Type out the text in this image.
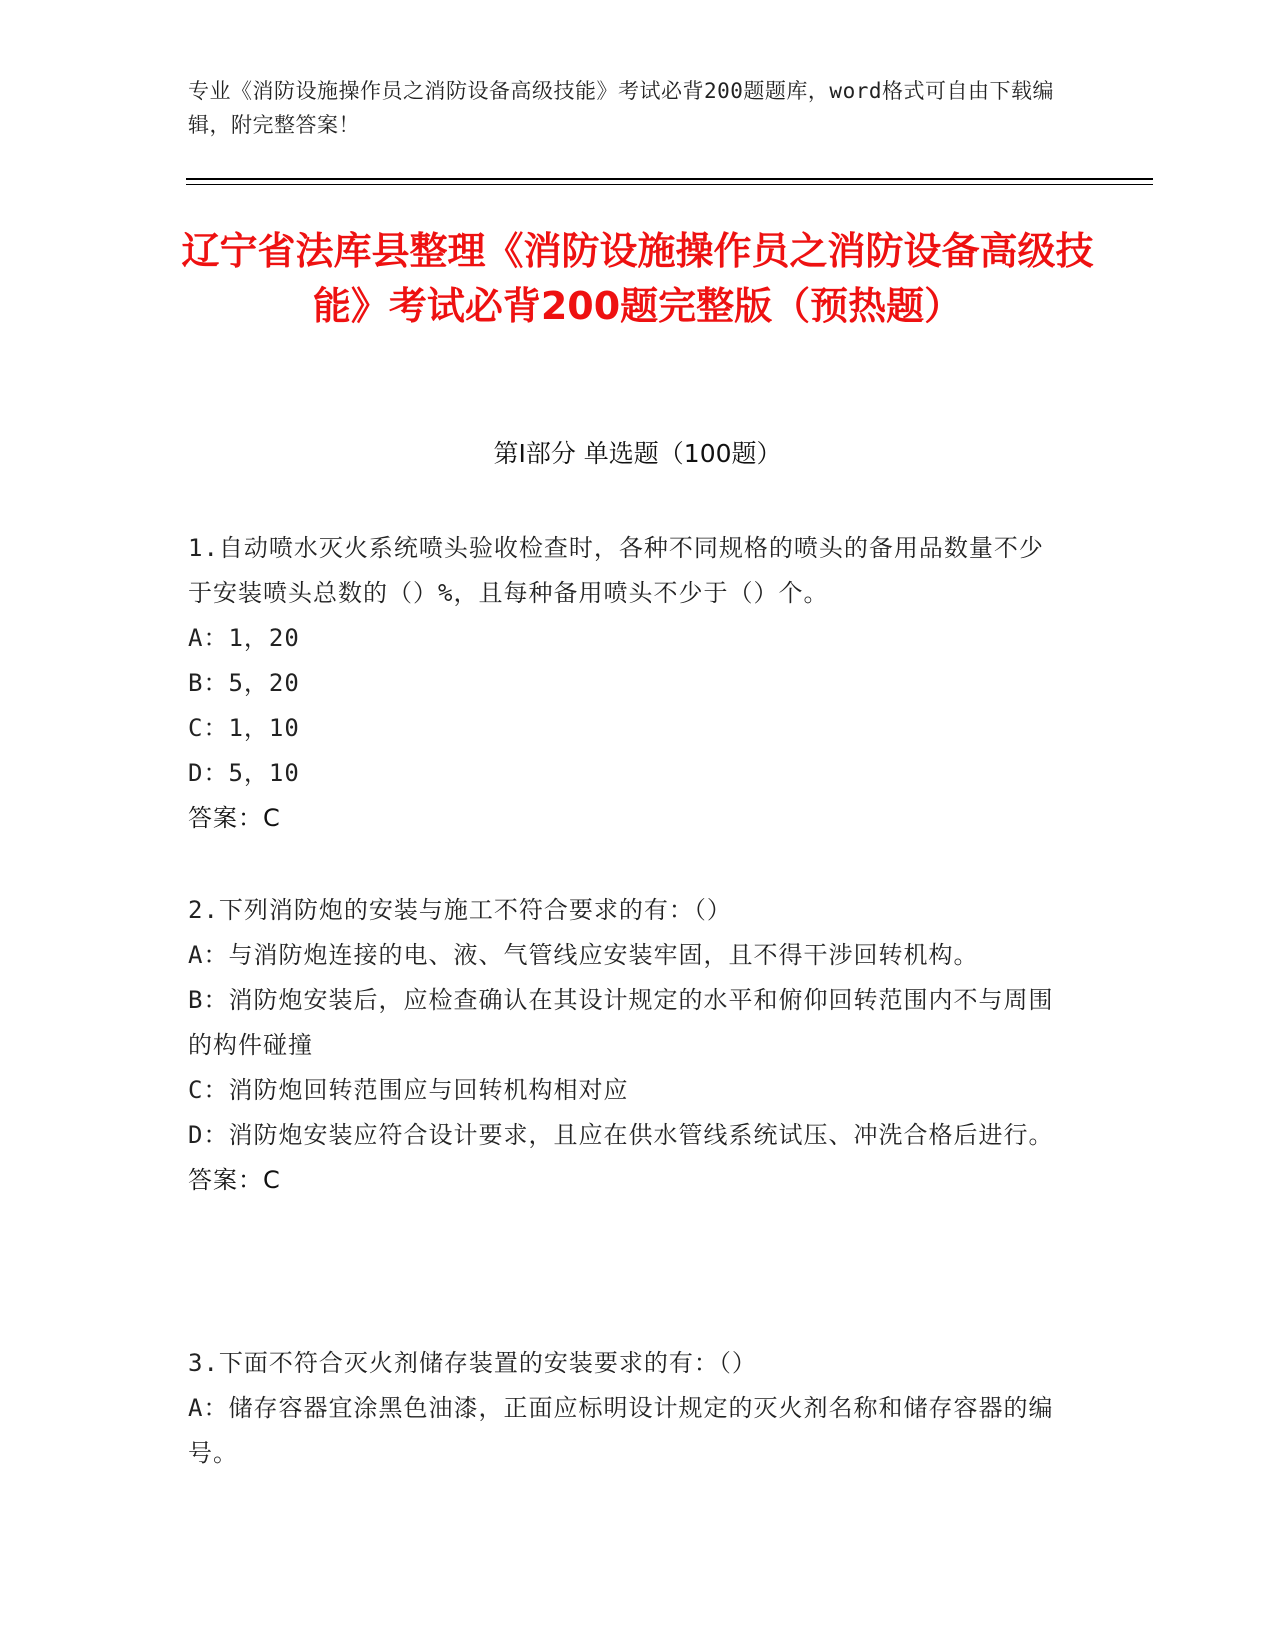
专业《消防设施操作员之消防设备高级技能》考试必背200题题库，word格式可自由下载编辑，附完整答案！
辽宁省法库县整理《消防设施操作员之消防设备高级技能》考试必背200题完整版（预热题）
第Ⅰ部分 单选题（100题）
1.自动喷水灭火系统喷头验收检查时，各种不同规格的喷头的备用品数量不少于安装喷头总数的（）%，且每种备用喷头不少于（）个。
A：1，20
B：5，20
C：1，10
D：5，10
答案：C
2.下列消防炮的安装与施工不符合要求的有：（）
A：与消防炮连接的电、液、气管线应安装牢固，且不得干涉回转机构。
B：消防炮安装后，应检查确认在其设计规定的水平和俯仰回转范围内不与周围的构件碰撞
C：消防炮回转范围应与回转机构相对应
D：消防炮安装应符合设计要求，且应在供水管线系统试压、冲洗合格后进行。
答案：C
3.下面不符合灭火剂储存装置的安装要求的有：（）
A：储存容器宜涂黑色油漆，正面应标明设计规定的灭火剂名称和储存容器的编号。
